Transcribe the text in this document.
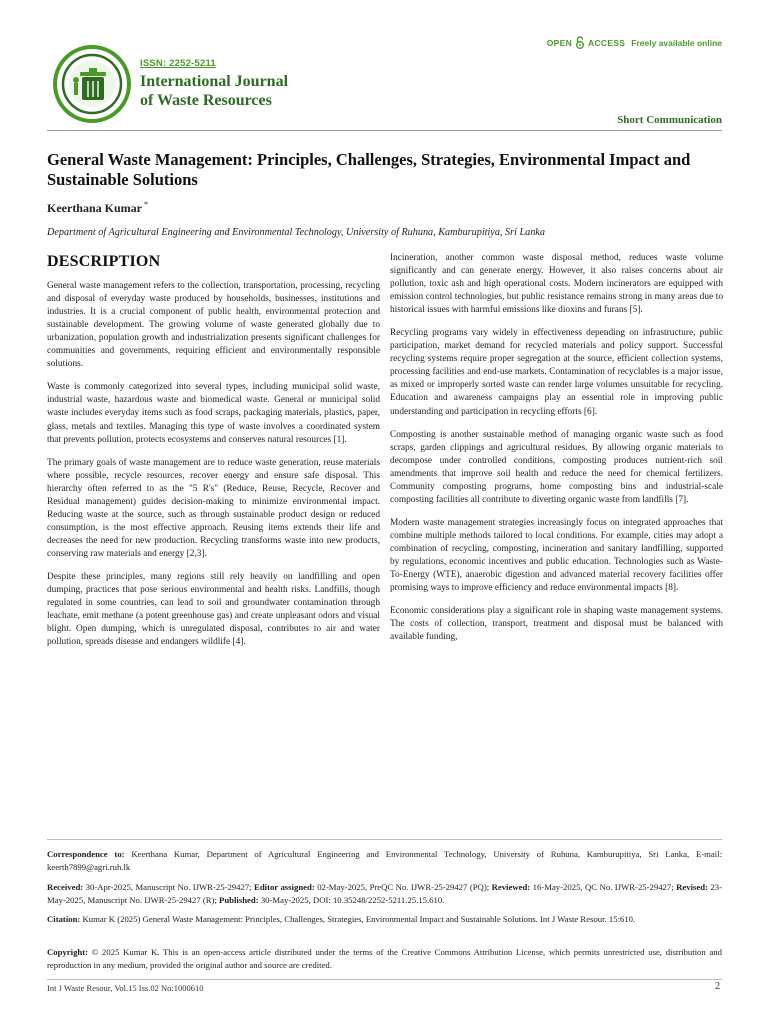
ISSN: 2252-5211
International Journal
of Waste Resources
OPEN ACCESS Freely available online
Short Communication
General Waste Management: Principles, Challenges, Strategies, Environmental Impact and Sustainable Solutions
Keerthana Kumar *
Department of Agricultural Engineering and Environmental Technology, University of Ruhuna, Kamburupitiya, Sri Lanka
DESCRIPTION

General waste management refers to the collection, transportation, processing, recycling and disposal of everyday waste produced by households, businesses, institutions and industries. It is a crucial component of public health, environmental protection and sustainable development. The growing volume of waste generated globally due to urbanization, population growth and industrialization presents significant challenges for communities and governments, requiring efficient and environmentally responsible solutions.

Waste is commonly categorized into several types, including municipal solid waste, industrial waste, hazardous waste and biomedical waste. General or municipal solid waste includes everyday items such as food scraps, packaging materials, plastics, paper, glass, metals and textiles. Managing this type of waste involves a coordinated system that prevents pollution, protects ecosystems and conserves natural resources [1].

The primary goals of waste management are to reduce waste generation, reuse materials where possible, recycle resources, recover energy and ensure safe disposal. This hierarchy often referred to as the "5 R's" (Reduce, Reuse, Recycle, Recover and Residual management) guides decision-making to minimize environmental impact. Reducing waste at the source, such as through sustainable product design or reduced consumption, is the most effective approach. Reusing items extends their life and decreases the need for new production. Recycling transforms waste into new products, conserving raw materials and energy [2,3].

Despite these principles, many regions still rely heavily on landfilling and open dumping, practices that pose serious environmental and health risks. Landfills, though regulated in some countries, can lead to soil and groundwater contamination through leachate, emit methane (a potent greenhouse gas) and create unpleasant odors and visual blight. Open dumping, which is unregulated disposal, contributes to air and water pollution, spreads disease and endangers wildlife [4].

Incineration, another common waste disposal method, reduces waste volume significantly and can generate energy. However, it also raises concerns about air pollution, toxic ash and high operational costs. Modern incinerators are equipped with emission control technologies, but public resistance remains strong in many areas due to historical issues with harmful emissions like dioxins and furans [5].

Recycling programs vary widely in effectiveness depending on infrastructure, public participation, market demand for recycled materials and policy support. Successful recycling systems require proper segregation at the source, efficient collection systems, processing facilities and end-use markets. Contamination of recyclables is a major issue, as mixed or improperly sorted waste can render large volumes unsuitable for recycling. Education and awareness campaigns play an essential role in improving public understanding and participation in recycling efforts [6].

Composting is another sustainable method of managing organic waste such as food scraps, garden clippings and agricultural residues. By allowing organic materials to decompose under controlled conditions, composting produces nutrient-rich soil amendments that improve soil health and reduce the need for chemical fertilizers. Community composting programs, home composting bins and industrial-scale composting facilities all contribute to diverting organic waste from landfills [7].

Modern waste management strategies increasingly focus on integrated approaches that combine multiple methods tailored to local conditions. For example, cities may adopt a combination of recycling, composting, incineration and sanitary landfilling, supported by regulations, economic incentives and public education. Technologies such as Waste-To-Energy (WTE), anaerobic digestion and advanced material recovery facilities offer promising ways to improve efficiency and reduce environmental impacts [8].

Economic considerations play a significant role in shaping waste management systems. The costs of collection, transport, treatment and disposal must be balanced with available funding,

Correspondence to: Keerthana Kumar, Department of Agricultural Engineering and Environmental Technology, University of Ruhuna, Kamburupitiya, Sri Lanka, E-mail: keerth7899@agri.ruh.lk
Received: 30-Apr-2025, Manuscript No. IJWR-25-29427; Editor assigned: 02-May-2025, PreQC No. IJWR-25-29427 (PQ); Reviewed: 16-May-2025, QC No. IJWR-25-29427; Revised: 23-May-2025, Manuscript No. IJWR-25-29427 (R); Published: 30-May-2025, DOI: 10.35248/2252-5211.25.15.610.
Citation: Kumar K (2025) General Waste Management: Principles, Challenges, Strategies, Environmental Impact and Sustainable Solutions. Int J Waste Resour. 15:610.
Copyright: © 2025 Kumar K. This is an open-access article distributed under the terms of the Creative Commons Attribution License, which permits unrestricted use, distribution and reproduction in any medium, provided the original author and source are credited.
Int J Waste Resour, Vol.15 Iss.02 No:1000610	2
